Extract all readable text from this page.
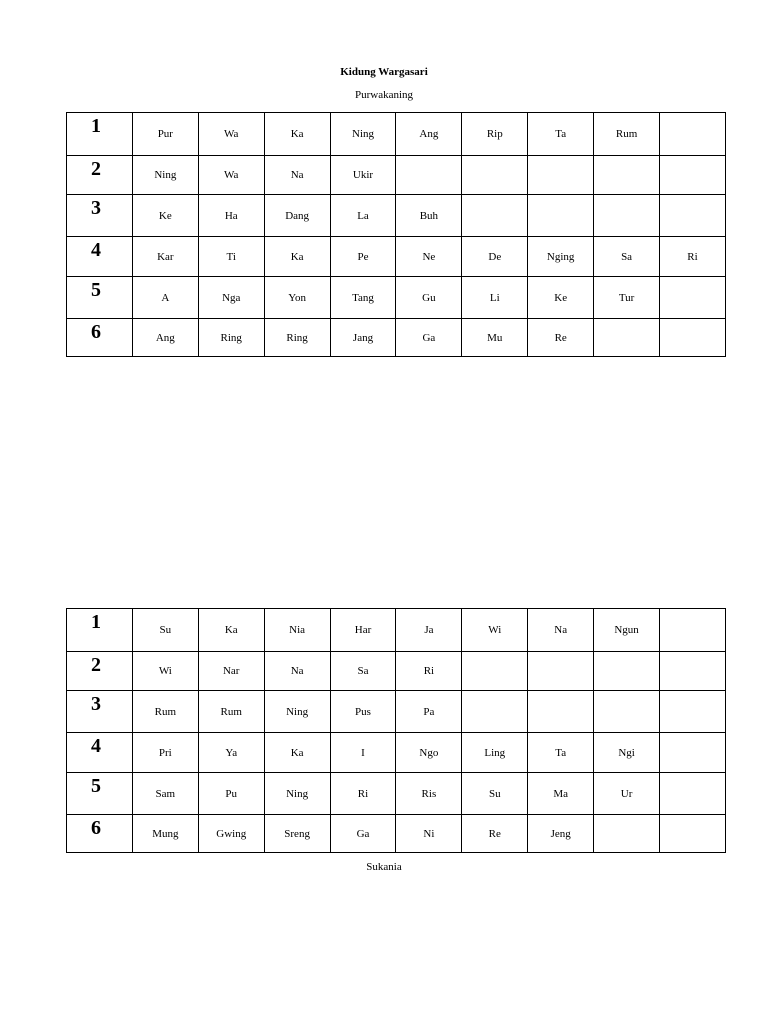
Kidung Wargasari
Purwakaning
1	Pur	Wa	Ka	Ning	Ang	Rip	Ta	Rum	
2	Ning	Wa	Na	Ukir					
3	Ke	Ha	Dang	La	Buh				
4	Kar	Ti	Ka	Pe	Ne	De	Nging	Sa	Ri
5	A	Nga	Yon	Tang	Gu	Li	Ke	Tur	
6	Ang	Ring	Ring	Jang	Ga	Mu	Re		
1	Su	Ka	Nia	Har	Ja	Wi	Na	Ngun	
2	Wi	Nar	Na	Sa	Ri				
3	Rum	Rum	Ning	Pus	Pa				
4	Pri	Ya	Ka	I	Ngo	Ling	Ta	Ngi	
5	Sam	Pu	Ning	Ri	Ris	Su	Ma	Ur	
6	Mung	Gwing	Sreng	Ga	Ni	Re	Jeng		
Sukania
